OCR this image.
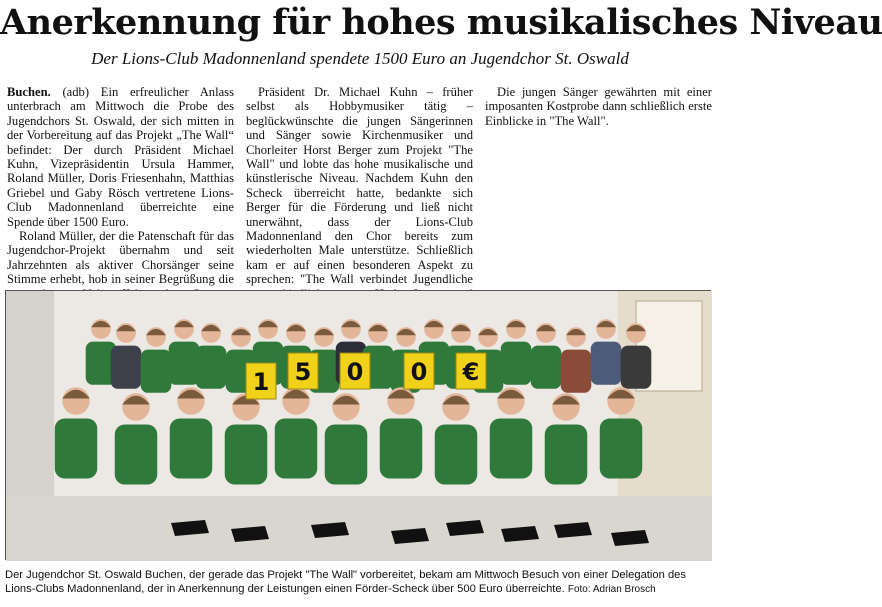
Anerkennung für hohes musikalisches Niveau
Der Lions-Club Madonnenland spendete 1500 Euro an Jugendchor St. Oswald

Buchen. (adb) Ein erfreulicher Anlass unterbrach am Mittwoch die Probe des Jugendchors St. Oswald, der sich mitten in der Vorbereitung auf das Projekt „The Wall“ befindet: Der durch Präsident Michael Kuhn, Vizepräsidentin Ursula Hammer, Roland Müller, Doris Friesenhahn, Matthias Griebel und Gaby Rösch vertretene Lions-Club Madonnenland überreichte eine Spende über 1500 Euro.

Roland Müller, der die Patenschaft für das Jugendchor-Projekt übernahm und seit Jahrzehnten als aktiver Chorsänger seine Stimme erhebt, hob in seiner Begrüßung die

Präsident Dr. Michael Kuhn – früher selbst als Hobbymusiker tätig – beglückwünschte die jungen Sängerinnen und Sänger sowie Kirchenmusiker und Chorleiter Horst Berger zum Projekt "The Wall" und lobte das hohe musikalische und künstlerische Niveau. Nachdem Kuhn den Scheck überreicht hatte, bedankte sich Berger für die Förderung und ließ nicht unerwähnt, dass der Lions-Club Madonnenland den Chor bereits zum wiederholten Male unterstütze. Schließlich kam er auf einen besonderen Aspekt zu sprechen: "The Wall verbindet Jugendliche

Die jungen Sänger gewährten mit einer imposanten Kostprobe dann schließlich erste Einblicke in "The Wall".

1 5 0 0 €
Der Jugendchor St. Oswald Buchen, der gerade das Projekt "The Wall" vorbereitet, bekam am Mittwoch Besuch von einer Delegation des Lions-Clubs Madonnenland, der in Anerkennung der Leistungen einen Förder-Scheck über 500 Euro überreichte. Foto: Adrian Brosch
